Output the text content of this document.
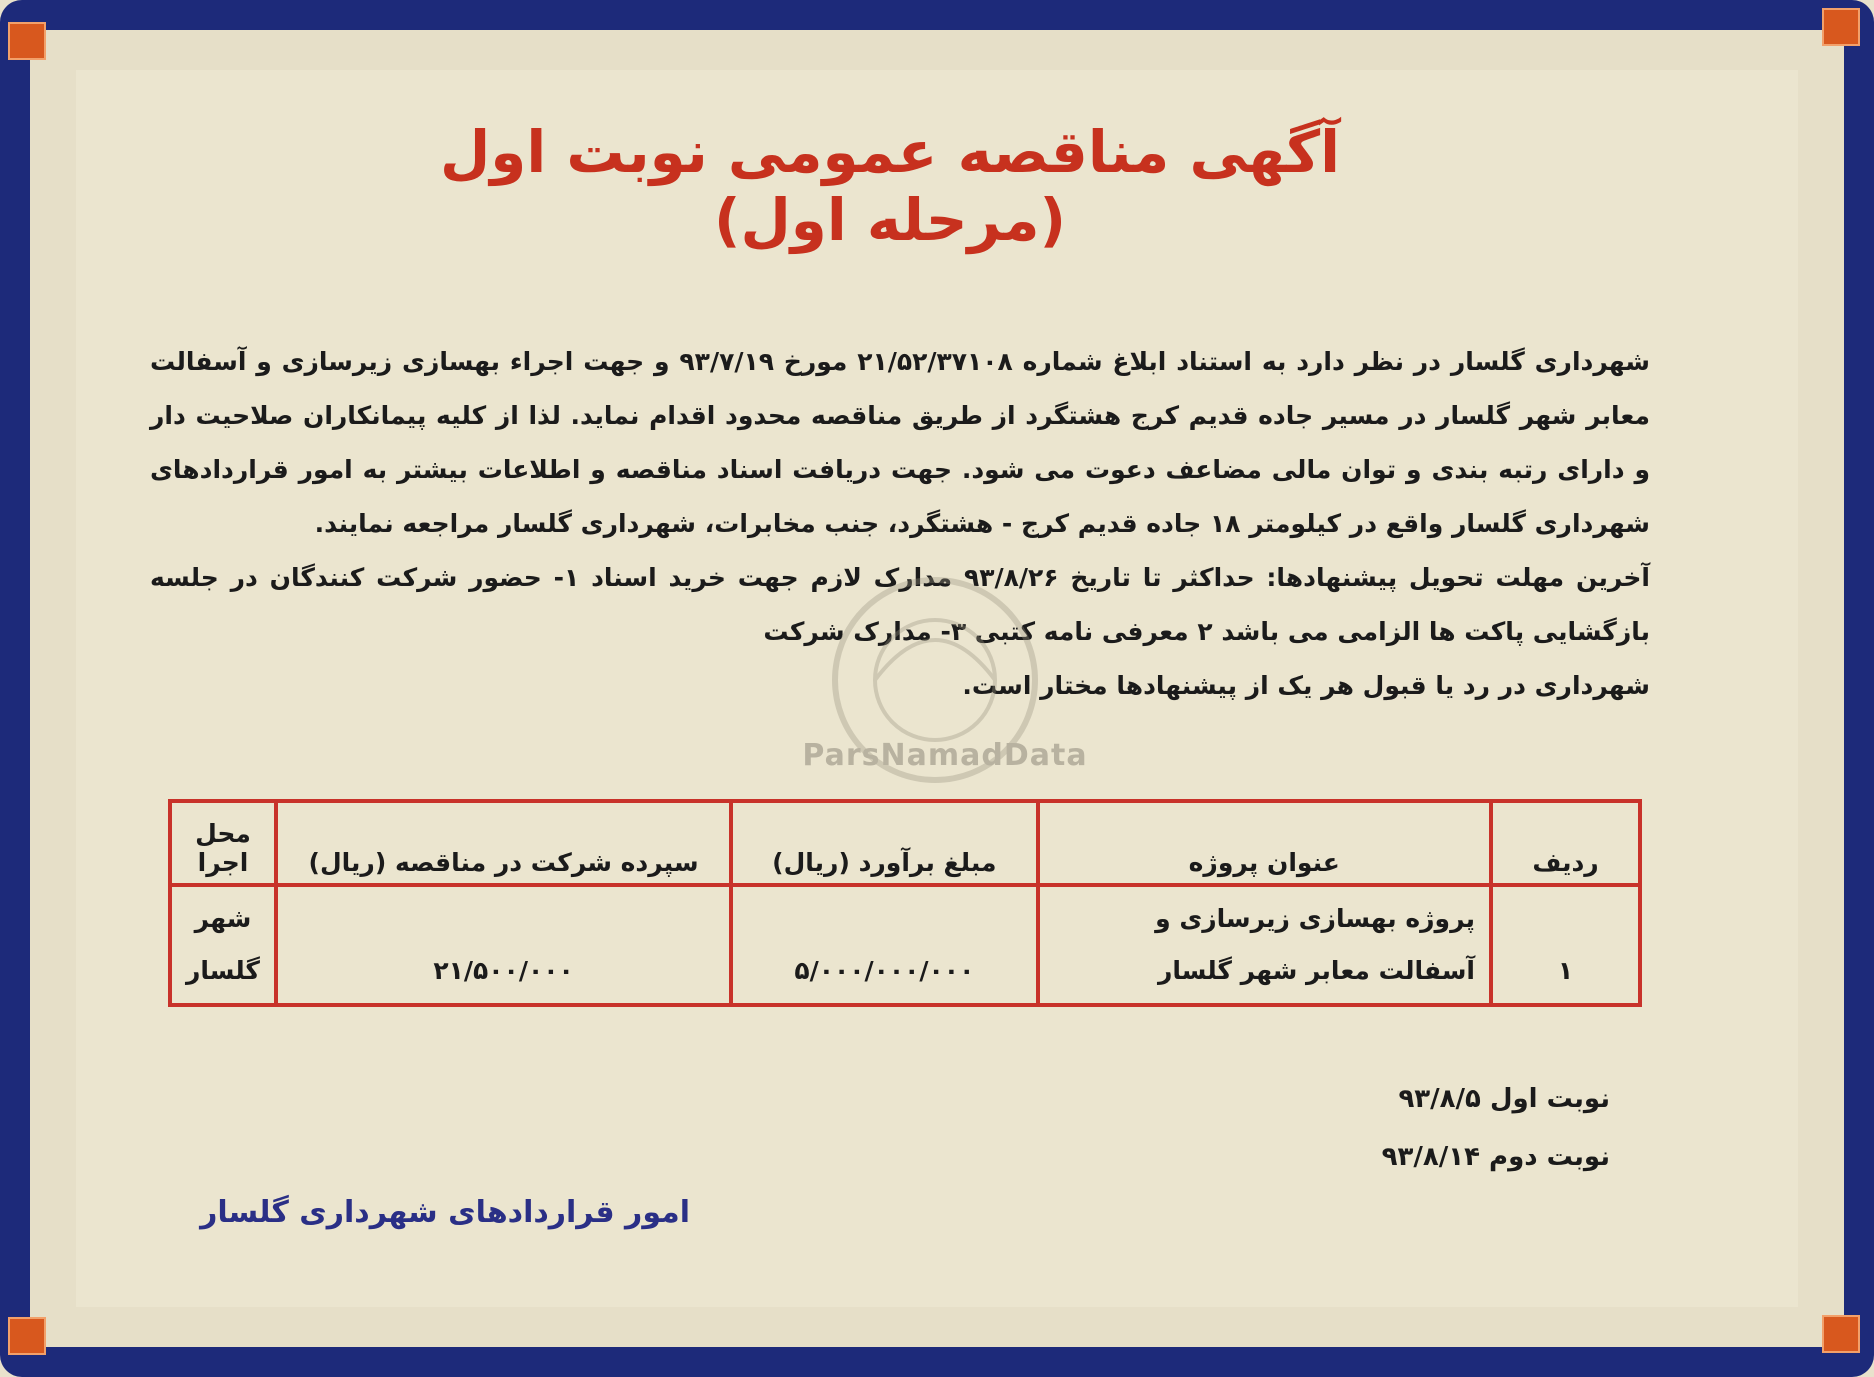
آگهی مناقصه عمومی نوبت اول (مرحله اول)

شهرداری گلسار در نظر دارد به استناد ابلاغ شماره ۲۱/۵۲/۳۷۱۰۸ مورخ ۹۳/۷/۱۹ و جهت اجراء بهسازی زیرسازی و آسفالت معابر شهر گلسار در مسیر جاده قدیم کرج هشتگرد از طریق مناقصه محدود اقدام نماید. لذا از کلیه پیمانکاران صلاحیت دار و دارای رتبه بندی و توان مالی مضاعف دعوت می شود. جهت دریافت اسناد مناقصه و اطلاعات بیشتر به امور قراردادهای شهرداری گلسار واقع در کیلومتر ۱۸ جاده قدیم کرج - هشتگرد، جنب مخابرات، شهرداری گلسار مراجعه نمایند.

آخرین مهلت تحویل پیشنهادها: حداکثر تا تاریخ ۹۳/۸/۲۶ مدارک لازم جهت خرید اسناد ۱- حضور شرکت کنندگان در جلسه بازگشایی پاکت ها الزامی می باشد ۲ معرفی نامه کتبی ۳- مدارک شرکت

شهرداری در رد یا قبول هر یک از پیشنهادها مختار است.

ParsNamadData
ردیف	عنوان پروژه	مبلغ برآورد (ریال)	سپرده شرکت در مناقصه (ریال)	محل اجرا
۱	پروژه بهسازی زیرسازی و آسفالت معابر شهر گلسار	۵/۰۰۰/۰۰۰/۰۰۰	۲۱/۵۰۰/۰۰۰	شهر گلسار
نوبت اول ۹۳/۸/۵
نوبت دوم ۹۳/۸/۱۴
امور قراردادهای شهرداری گلسار
